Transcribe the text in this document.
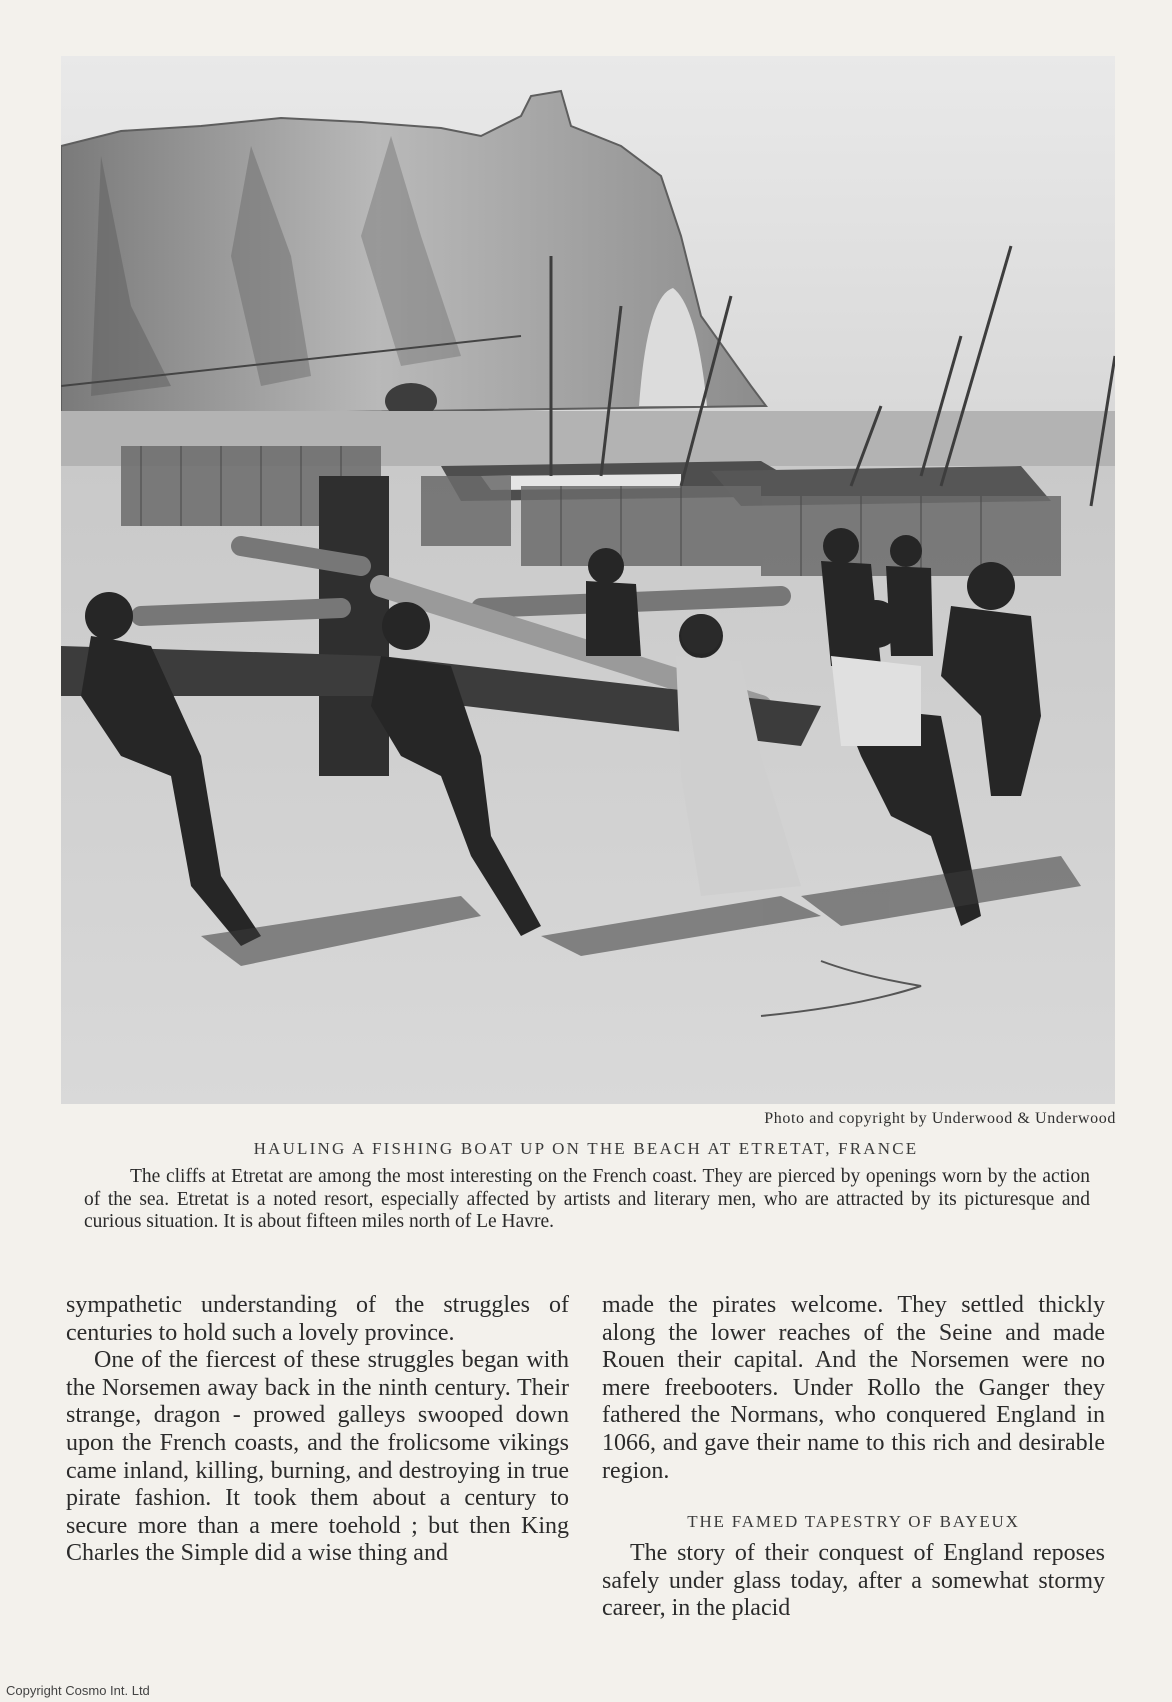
Photo and copyright by Underwood & Underwood
HAULING A FISHING BOAT UP ON THE BEACH AT ETRETAT, FRANCE

The cliffs at Etretat are among the most interesting on the French coast. They are pierced by openings worn by the action of the sea. Etretat is a noted resort, especially affected by artists and literary men, who are attracted by its picturesque and curious situation. It is about fifteen miles north of Le Havre.

sympathetic understanding of the struggles of centuries to hold such a lovely province.

One of the fiercest of these struggles began with the Norsemen away back in the ninth century. Their strange, dragon - prowed galleys swooped down upon the French coasts, and the frolicsome vikings came inland, killing, burning, and destroying in true pirate fashion. It took them about a century to secure more than a mere toehold ; but then King Charles the Simple did a wise thing and

made the pirates welcome. They settled thickly along the lower reaches of the Seine and made Rouen their capital. And the Norsemen were no mere freebooters. Under Rollo the Ganger they fathered the Normans, who conquered England in 1066, and gave their name to this rich and desirable region.

THE FAMED TAPESTRY OF BAYEUX

The story of their conquest of England reposes safely under glass today, after a somewhat stormy career, in the placid

Copyright Cosmo Int. Ltd
